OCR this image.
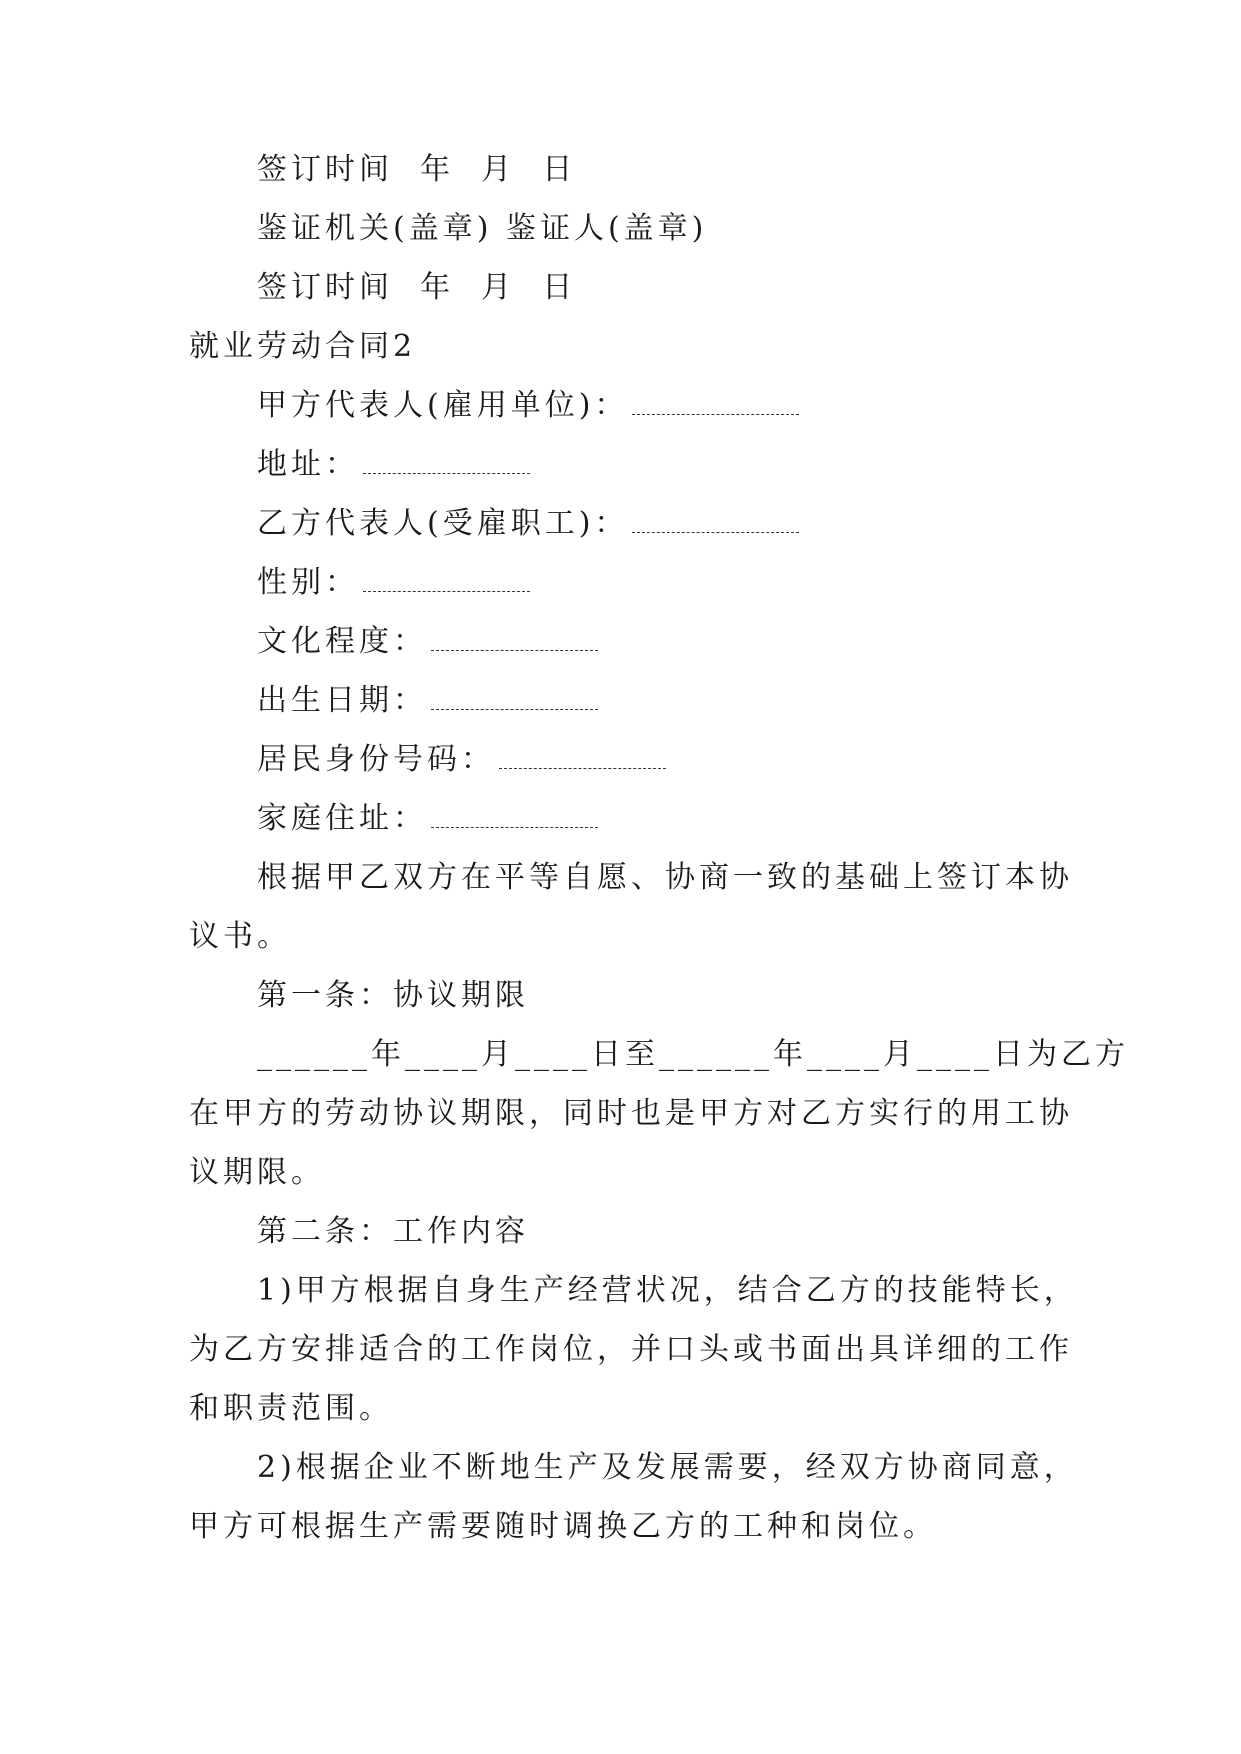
签订时间  年  月  日
鉴证机关(盖章) 鉴证人(盖章)
签订时间  年  月  日
就业劳动合同2
甲方代表人(雇用单位)：
地址：
乙方代表人(受雇职工)：
性别：
文化程度：
出生日期：
居民身份号码：
家庭住址：
根据甲乙双方在平等自愿、协商一致的基础上签订本协
议书。
第一条：协议期限
______年____月____日至______年____月____日为乙方
在甲方的劳动协议期限，同时也是甲方对乙方实行的用工协
议期限。
第二条：工作内容
1)甲方根据自身生产经营状况，结合乙方的技能特长，
为乙方安排适合的工作岗位，并口头或书面出具详细的工作
和职责范围。
2)根据企业不断地生产及发展需要，经双方协商同意，
甲方可根据生产需要随时调换乙方的工种和岗位。
